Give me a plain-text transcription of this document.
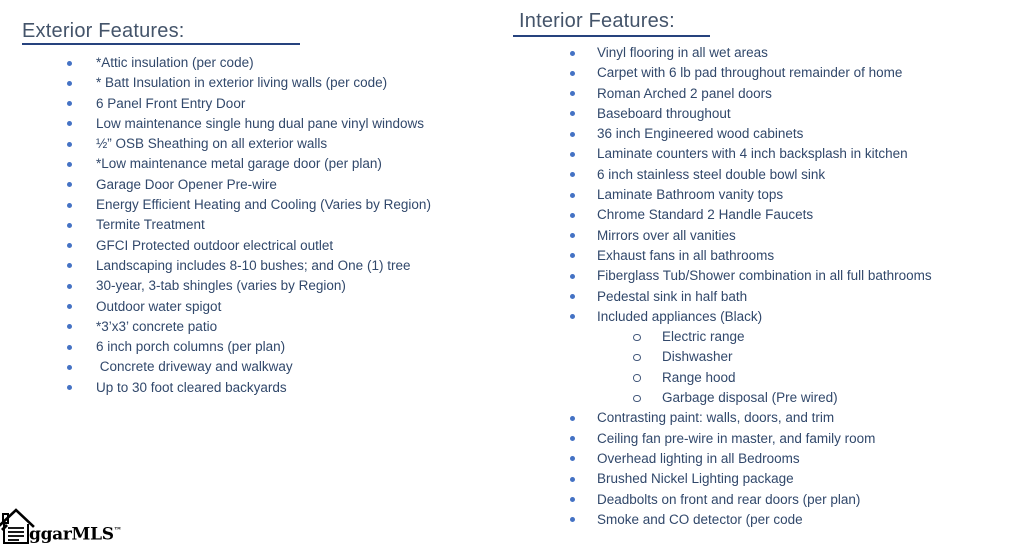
Exterior Features:
*Attic insulation (per code)
* Batt Insulation in exterior living walls (per code)
6 Panel Front Entry Door
Low maintenance single hung dual pane vinyl windows
½” OSB Sheathing on all exterior walls
*Low maintenance metal garage door (per plan)
Garage Door Opener Pre-wire
Energy Efficient Heating and Cooling (Varies by Region)
Termite Treatment
GFCI Protected outdoor electrical outlet
Landscaping includes 8-10 bushes; and One (1) tree
30-year, 3-tab shingles (varies by Region)
Outdoor water spigot
*3’x3’ concrete patio
6 inch porch columns (per plan)
Concrete driveway and walkway
Up to 30 foot cleared backyards
Interior Features:
Vinyl flooring in all wet areas
Carpet with 6 lb pad throughout remainder of home
Roman Arched 2 panel doors
Baseboard throughout
36 inch Engineered wood cabinets
Laminate counters with 4 inch backsplash in kitchen
6 inch stainless steel double bowl sink
Laminate Bathroom vanity tops
Chrome Standard 2 Handle Faucets
Mirrors over all vanities
Exhaust fans in all bathrooms
Fiberglass Tub/Shower combination in all full bathrooms
Pedestal sink in half bath
Included appliances (Black)
Electric range
Dishwasher
Range hood
Garbage disposal (Pre wired)
Contrasting paint: walls, doors, and trim
Ceiling fan pre-wire in master, and family room
Overhead lighting in all Bedrooms
Brushed Nickel Lighting package
Deadbolts on front and rear doors (per plan)
Smoke and CO detector (per code
ggarMLS™
